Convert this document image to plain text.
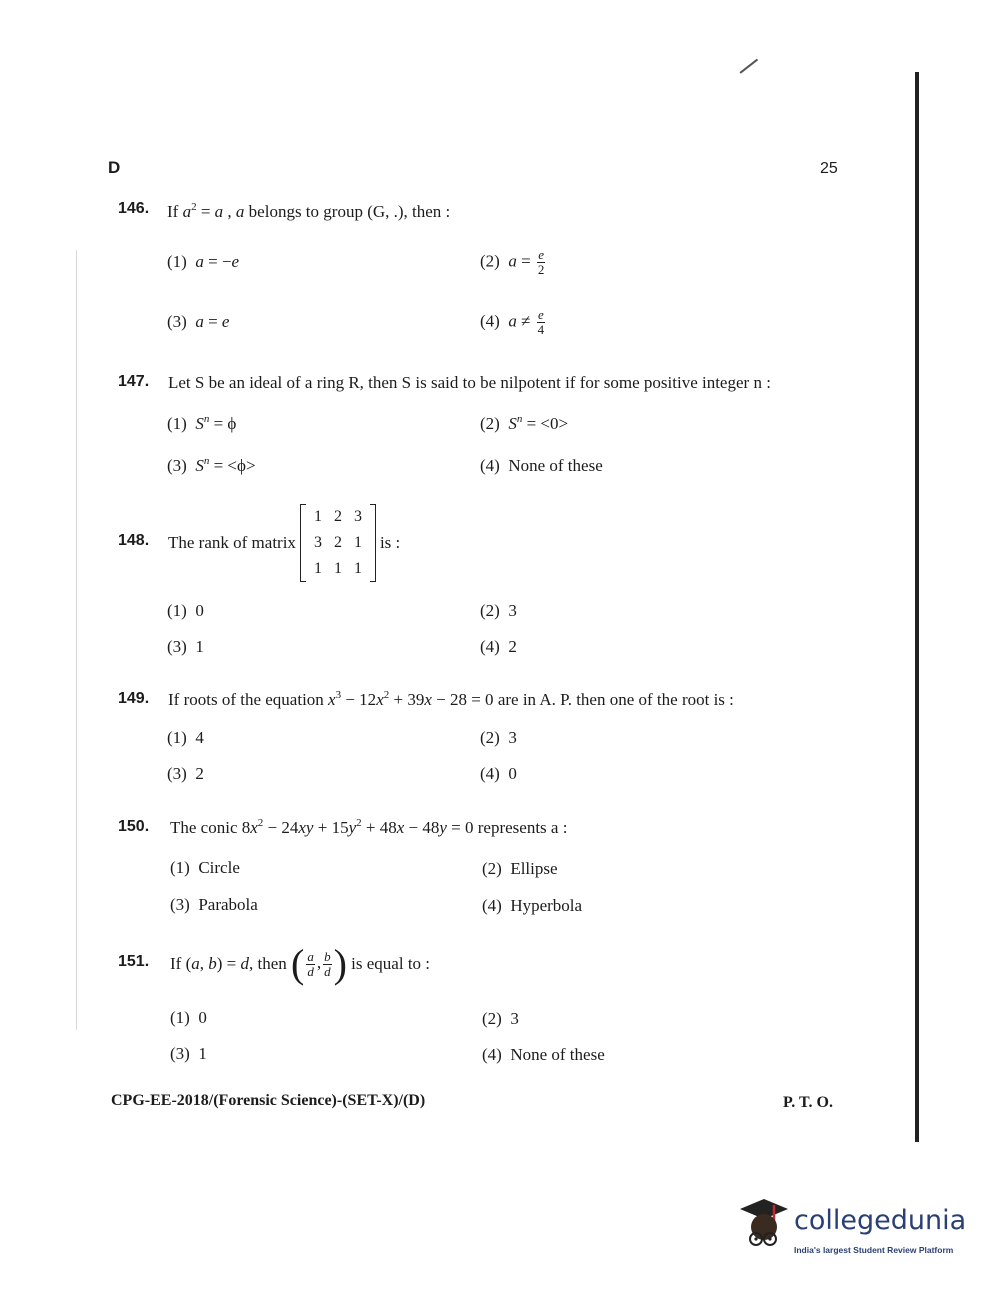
D	25
146. If $a^2 = a$ , a belongs to group (G, .), then :
(1) a = −e	(2) $a = \frac{e}{2}$
(3) a = e	(4) $a \ne \frac{e}{4}$
147. Let S be an ideal of a ring R, then S is said to be nilpotent if for some positive integer n :
(1) $S^n = \phi$	(2) $S^n = <0>$
(3) $S^n = <\phi>$	(4) None of these
148. The rank of matrix
1	2	3
3	2	1
1	1	1
is :
(1) 0	(2) 3
(3) 1	(4) 2
149. If roots of the equation $x^3 - 12x^2 + 39x - 28 = 0$ are in A. P. then one of the root is :
(1) 4	(2) 3
(3) 2	(4) 0
150. The conic $8x^2 - 24xy + 15y^2 + 48x - 48y = 0$ represents a :
(1) Circle	(2) Ellipse
(3) Parabola	(4) Hyperbola
151. If (a, b) = d, then ( $\frac{a}{d}$ , $\frac{b}{d}$ ) is equal to :
(1) 0	(2) 3
(3) 1	(4) None of these
CPG-EE-2018/(Forensic Science)-(SET-X)/(D)	P. T. O.
collegedunia
India's largest Student Review Platform
